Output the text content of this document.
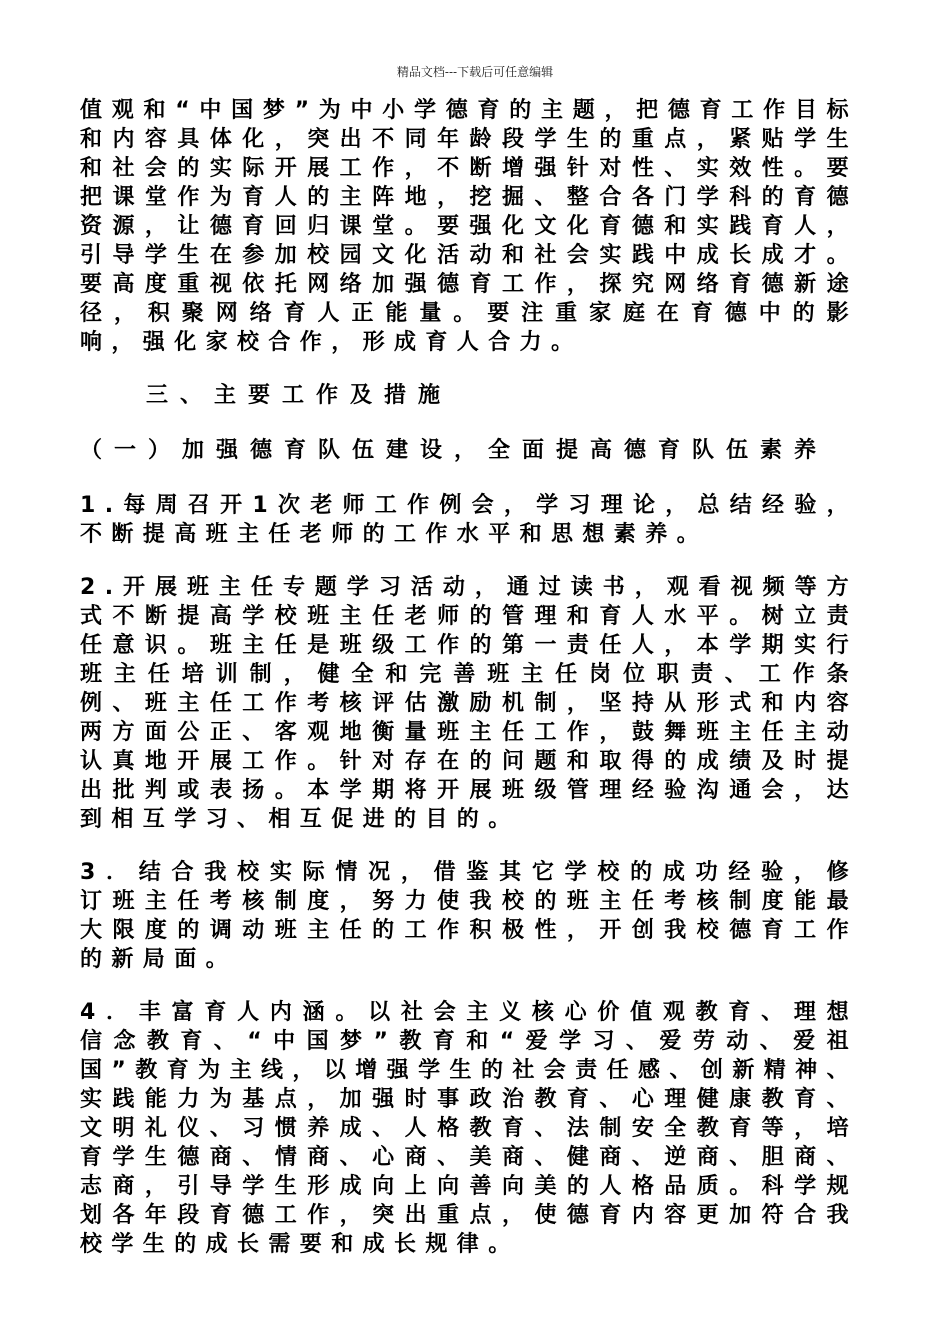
精品文档---下载后可任意编辑

值观和“中国梦”为中小学德育的主题，把德育工作目标和内容具体化，突出不同年龄段学生的重点，紧贴学生和社会的实际开展工作，不断增强针对性、实效性。要把课堂作为育人的主阵地，挖掘、整合各门学科的育德资源，让德育回归课堂。要强化文化育德和实践育人，引导学生在参加校园文化活动和社会实践中成长成才。要高度重视依托网络加强德育工作，探究网络育德新途径，积聚网络育人正能量。要注重家庭在育德中的影响，强化家校合作，形成育人合力。

三、主要工作及措施

（一）加强德育队伍建设，全面提高德育队伍素养

1.每周召开1次老师工作例会，学习理论，总结经验，不断提高班主任老师的工作水平和思想素养。

2.开展班主任专题学习活动，通过读书，观看视频等方式不断提高学校班主任老师的管理和育人水平。树立责任意识。班主任是班级工作的第一责任人，本学期实行班主任培训制，健全和完善班主任岗位职责、工作条例、班主任工作考核评估激励机制，坚持从形式和内容两方面公正、客观地衡量班主任工作，鼓舞班主任主动认真地开展工作。针对存在的问题和取得的成绩及时提出批判或表扬。本学期将开展班级管理经验沟通会，达到相互学习、相互促进的目的。

3．结合我校实际情况，借鉴其它学校的成功经验，修订班主任考核制度，努力使我校的班主任考核制度能最大限度的调动班主任的工作积极性，开创我校德育工作的新局面。

4．丰富育人内涵。以社会主义核心价值观教育、理想信念教育、“中国梦”教育和“爱学习、爱劳动、爱祖国”教育为主线，以增强学生的社会责任感、创新精神、实践能力为基点，加强时事政治教育、心理健康教育、文明礼仪、习惯养成、人格教育、法制安全教育等，培育学生德商、情商、心商、美商、健商、逆商、胆商、志商，引导学生形成向上向善向美的人格品质。科学规划各年段育德工作，突出重点，使德育内容更加符合我校学生的成长需要和成长规律。
